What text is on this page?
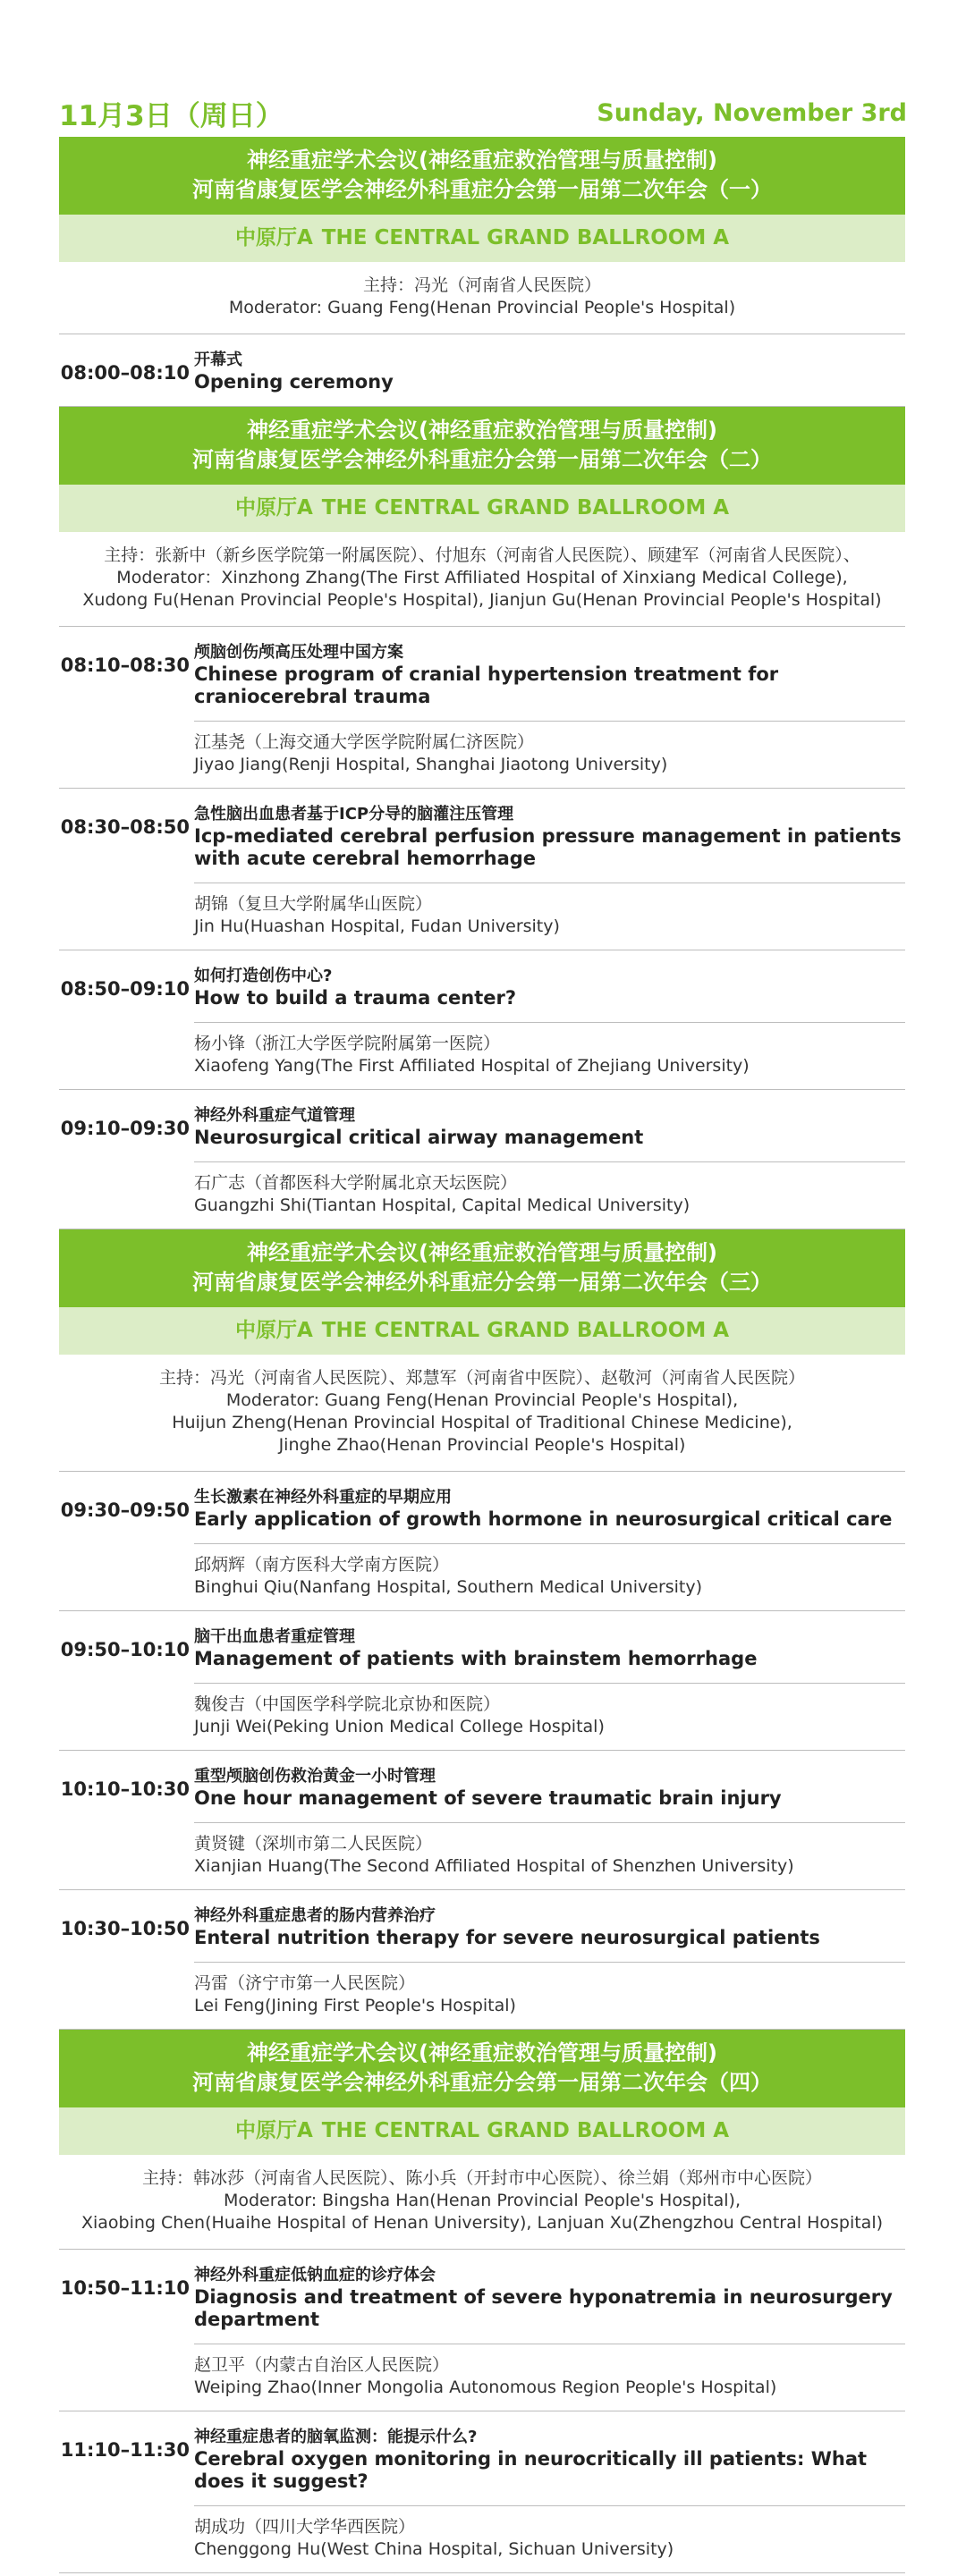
11月3日（周日）	Sunday, November 3rd
神经重症学术会议(神经重症救治管理与质量控制)
河南省康复医学会神经外科重症分会第一届第二次年会（一）
中原厅A THE CENTRAL GRAND BALLROOM A
主持：冯光（河南省人民医院）
Moderator: Guang Feng(Henan Provincial People's Hospital)
08:00–08:10
开幕式
Opening ceremony
神经重症学术会议(神经重症救治管理与质量控制)
河南省康复医学会神经外科重症分会第一届第二次年会（二）
中原厅A THE CENTRAL GRAND BALLROOM A
主持：张新中（新乡医学院第一附属医院）、付旭东（河南省人民医院）、顾建军（河南省人民医院）、
Moderator：Xinzhong Zhang(The First Affiliated Hospital of Xinxiang Medical College),
Xudong Fu(Henan Provincial People's Hospital), Jianjun Gu(Henan Provincial People's Hospital)
08:10–08:30
颅脑创伤颅高压处理中国方案
Chinese program of cranial hypertension treatment for craniocerebral trauma
江基尧（上海交通大学医学院附属仁济医院）
Jiyao Jiang(Renji Hospital, Shanghai Jiaotong University)
08:30–08:50
急性脑出血患者基于ICP分导的脑灌注压管理
Icp-mediated cerebral perfusion pressure management in patients with acute cerebral hemorrhage
胡锦（复旦大学附属华山医院）
Jin Hu(Huashan Hospital, Fudan University)
08:50–09:10
如何打造创伤中心?
How to build a trauma center?
杨小锋（浙江大学医学院附属第一医院）
Xiaofeng Yang(The First Affiliated Hospital of Zhejiang University)
09:10–09:30
神经外科重症气道管理
Neurosurgical critical airway management
石广志（首都医科大学附属北京天坛医院）
Guangzhi Shi(Tiantan Hospital, Capital Medical University)
神经重症学术会议(神经重症救治管理与质量控制)
河南省康复医学会神经外科重症分会第一届第二次年会（三）
中原厅A THE CENTRAL GRAND BALLROOM A
主持：冯光（河南省人民医院）、郑慧军（河南省中医院）、赵敬河（河南省人民医院）
Moderator: Guang Feng(Henan Provincial People's Hospital),
Huijun Zheng(Henan Provincial Hospital of Traditional Chinese Medicine),
Jinghe Zhao(Henan Provincial People's Hospital)
09:30–09:50
生长激素在神经外科重症的早期应用
Early application of growth hormone in neurosurgical critical care
邱炳辉（南方医科大学南方医院）
Binghui Qiu(Nanfang Hospital, Southern Medical University)
09:50–10:10
脑干出血患者重症管理
Management of patients with brainstem hemorrhage
魏俊吉（中国医学科学院北京协和医院）
Junji Wei(Peking Union Medical College Hospital)
10:10–10:30
重型颅脑创伤救治黄金一小时管理
One hour management of severe traumatic brain injury
黄贤键（深圳市第二人民医院）
Xianjian Huang(The Second Affiliated Hospital of Shenzhen University)
10:30–10:50
神经外科重症患者的肠内营养治疗
Enteral nutrition therapy for severe neurosurgical patients
冯雷（济宁市第一人民医院）
Lei Feng(Jining First People's Hospital)
神经重症学术会议(神经重症救治管理与质量控制)
河南省康复医学会神经外科重症分会第一届第二次年会（四）
中原厅A THE CENTRAL GRAND BALLROOM A
主持：韩冰莎（河南省人民医院）、陈小兵（开封市中心医院）、徐兰娟（郑州市中心医院）
Moderator: Bingsha Han(Henan Provincial People's Hospital),
Xiaobing Chen(Huaihe Hospital of Henan University), Lanjuan Xu(Zhengzhou Central Hospital)
10:50–11:10
神经外科重症低钠血症的诊疗体会
Diagnosis and treatment of severe hyponatremia in neurosurgery department
赵卫平（内蒙古自治区人民医院）
Weiping Zhao(Inner Mongolia Autonomous Region People's Hospital)
11:10–11:30
神经重症患者的脑氧监测：能提示什么?
Cerebral oxygen monitoring in neurocritically ill patients: What does it suggest?
胡成功（四川大学华西医院）
Chenggong Hu(West China Hospital, Sichuan University)
